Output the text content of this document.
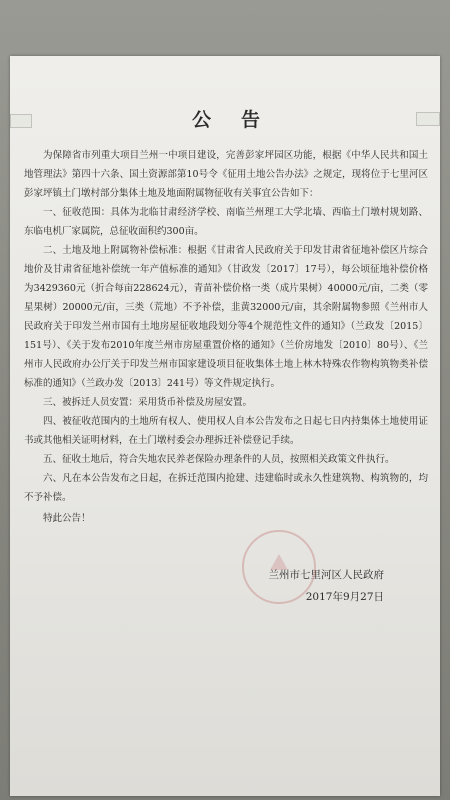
公告

为保障省市列重大项目兰州一中项目建设，完善彭家坪园区功能，根据《中华人民共和国土地管理法》第四十六条、国土资源部第10号令《征用土地公告办法》之规定，现将位于七里河区彭家坪镇土门墩村部分集体土地及地面附属物征收有关事宜公告如下：

一、征收范围：具体为北临甘肃经济学校、南临兰州理工大学北墙、西临土门墩村规划路、东临电机厂家属院，总征收面积约300亩。

二、土地及地上附属物补偿标准：根据《甘肃省人民政府关于印发甘肃省征地补偿区片综合地价及甘肃省征地补偿统一年产值标准的通知》（甘政发〔2017〕17号），每公顷征地补偿价格为3429360元（折合每亩228624元），青苗补偿价格一类（成片果树）40000元/亩，二类（零星果树）20000元/亩，三类（荒地）不予补偿，韭黄32000元/亩，其余附属物参照《兰州市人民政府关于印发兰州市国有土地房屋征收地段划分等4个规范性文件的通知》（兰政发〔2015〕151号）、《关于发布2010年度兰州市房屋重置价格的通知》（兰价房地发〔2010〕80号）、《兰州市人民政府办公厅关于印发兰州市国家建设项目征收集体土地上林木特殊农作物构筑物类补偿标准的通知》（兰政办发〔2013〕241号）等文件规定执行。

三、被拆迁人员安置：采用货币补偿及房屋安置。

四、被征收范围内的土地所有权人、使用权人自本公告发布之日起七日内持集体土地使用证书或其他相关证明材料，在土门墩村委会办理拆迁补偿登记手续。

五、征收土地后，符合失地农民养老保险办理条件的人员，按照相关政策文件执行。

六、凡在本公告发布之日起，在拆迁范围内抢建、违建临时或永久性建筑物、构筑物的，均不予补偿。

特此公告！

兰州市七里河区人民政府
2017年9月27日
